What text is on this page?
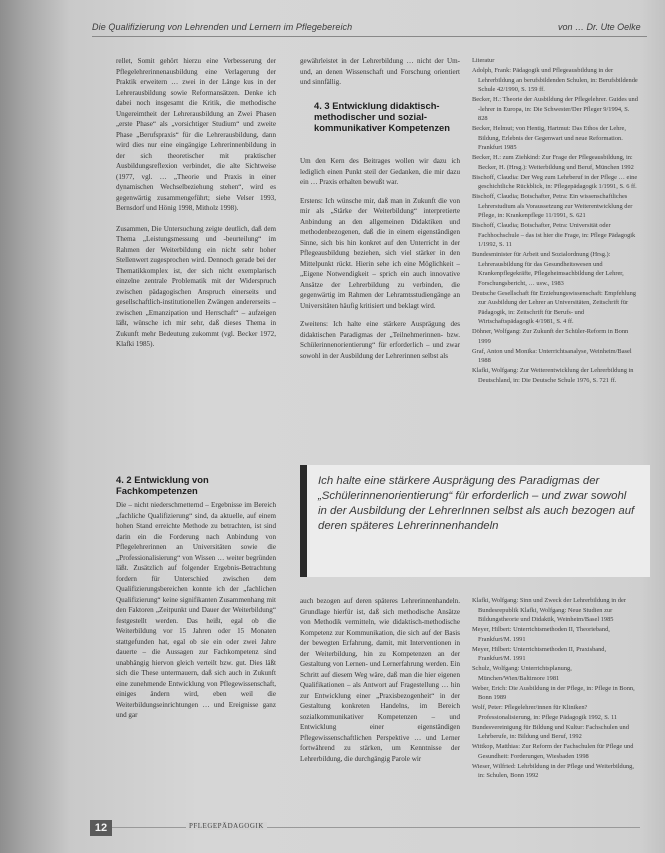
Die Qualifizierung von Lehrenden und Lernern im Pflegebereich	von … Dr. Ute Oelke

rellet, Somit gehört hierzu eine Verbesserung der Pflegelehrerinnenausbildung eine Verlagerung der Praktik erweitern … zwei in der Länge kus in der Lehrerausbildung sowie Reformansätzen. Denke ich dabei noch insgesamt die Kritik, die methodische Ungereimtheit der Lehrerausbildung an Zwei Phasen „erste Phase“ als „vorsichtiger Studium“ und zweite Phase „Berufspraxis“ für die Lehrerausbildung, dann wird dies nur eine eingängige Lehrerinnenbildung in der sich theoretischer mit praktischer Ausbildungsreflexion verbindet, die alte Sichtweise (1977, vgl. … „Theorie und Praxis in einer dynamischen Wechselbeziehung stehen“, wird es gegenwärtig zusammengeführt; siehe Velser 1993, Bernsdorf und Hönig 1998, Mitholz 1998).

Zusammen, Die Untersuchung zeigte deutlich, daß dem Thema „Leistungsmessung und -beurteilung“ im Rahmen der Weiterbildung ein nicht sehr hoher Stellenwert zugesprochen wird. Dennoch gerade bei der Thematikkomplex ist, der sich nicht exemplarisch einzelne zentrale Problematik mit der Widerspruch zwischen pädagogischen Anspruch einerseits und gesellschaftlich-institutionellen Zwängen andererseits – zwischen „Emanzipation und Herrschaft“ – aufzeigen läßt, wünsche ich mir sehr, daß dieses Thema in Zukunft mehr Bedeutung zukommt (vgl. Becker 1972, Klafki 1985).

4. 2 Entwicklung von Fachkompetenzen

Die – nicht niederschmetternd – Ergebnisse im Bereich „fachliche Qualifizierung“ sind, da aktuelle, auf einem hohen Stand erreichte Methode zu betrachten, ist sind darin ein die Forderung nach Anbindung von Pflegelehrerinnen an Universitäten sowie die „Professionalisierung“ von Wissen … weiter begründen läßt. Zusätzlich auf folgender Ergebnis-Betrachtung fordern für Unterschied zwischen dem Qualifizierungsbereichen konnte ich der „fachlichen Qualifizierung“ keine signifikanten Zusammenhang mit den Faktoren „Zeitpunkt und Dauer der Weiterbildung“ festgestellt werden. Das heißt, egal ob die Weiterbildung vor 15 Jahren oder 15 Monaten stattgefunden hat, egal ob sie ein oder zwei Jahre dauerte – die Aussagen zur Fachkompetenz sind unabhängig hiervon gleich verteilt bzw. gut. Dies läßt sich die These untermauern, daß sich auch in Zukunft eine zunehmende Entwicklung von Pflegewissenschaft, einiges ändern wird, eben weil die Weiterbildungseinrichtungen … und Ereignisse ganz und gar

gewährleistet in der Lehrerbildung … nicht der Um- und, an denen Wissenschaft und Forschung orientiert und sinnfällig.

4. 3 Entwicklung didaktisch-methodischer und sozial-kommunikativer Kompetenzen

Um den Kern des Beitrages wollen wir dazu ich lediglich einen Punkt steil der Gedanken, die mir dazu ein … Praxis erhalten bewußt war.

Erstens: Ich wünsche mir, daß man in Zukunft die von mir als „Stärke der Weiterbildung“ interpretierte Anbindung an den allgemeinen Didaktiken und methodenbezogenen, daß die in einem eigenständigen Sinne, sich bis hin konkret auf den Unterricht in der Pflegeausbildung beziehen, sich viel stärker in den Mittelpunkt rückt. Hierin sehe ich eine Möglichkeit – „Eigene Notwendigkeit – sprich ein auch innovative Ansätze der Lehrerbildung zu verbinden, die gegenwärtig im Rahmen der Lehramtsstudiengänge an Universitäten häufig kritisiert und beklagt wird.

Zweitens: Ich halte eine stärkere Ausprägung des didaktischen Paradigmas der „Teilnehmerinnen- bzw. Schülerinnenorientierung“ für erforderlich – und zwar sowohl in der Ausbildung der Lehrerinnen selbst als

Literatur
Adolph, Frank: Pädagogik und Pflegeausbildung in der Lehrerbildung an berufsbildenden Schulen, in: Berufsbildende Schule 42/1990, S. 159 ff.
Becker, H.: Theorie der Ausbildung der Pflegelehrer. Guides und -lehrer in Europa, in: Die Schwester/Der Pfleger 9/1994, S. 828
Becker, Helmut; von Hentig, Hartmut: Das Ethos der Lehre, Bildung, Erlebnis der Gegenwart und neue Reformation. Frankfurt 1985
Becker, H.: zum Ziehkind: Zur Frage der Pflegeausbildung, in: Becker, H. (Hrsg.): Weiterbildung und Beruf, München 1992
Bischoff, Claudia: Der Weg zum Lehrberuf in der Pflege … eine geschichtliche Rückblick, in: Pflegepädagogik 1/1991, S. 6 ff.
Bischoff, Claudia; Botschafter, Petra: Ein wissenschaftliches Lehrerstudium als Voraussetzung zur Weiterentwicklung der Pflege, in: Krankenpflege 11/1991, S. 621
Bischoff, Claudia; Botschafter, Petra: Universität oder Fachhochschule – das ist hier die Frage, in: Pflege Pädagogik 1/1992, S. 11
Bundesminister für Arbeit und Sozialordnung (Hrsg.): Lehrerausbildung für das Gesundheitswesen und Krankenpflegekräfte, Pflegeheimsachbildung der Lehrer, Forschungsbericht, … usw., 1983
Deutsche Gesellschaft für Erziehungswissenschaft: Empfehlung zur Ausbildung der Lehrer an Universitäten, Zeitschrift für Pädagogik, in: Zeitschrift für Berufs- und Wirtschaftspädagogik 4/1981, S. 4 ff.
Döhner, Wolfgang: Zur Zukunft der Schüler-Reform in Bonn 1999
Graf, Anton und Monika: Unterrichtsanalyse, Weinheim/Basel 1988
Klafki, Wolfgang: Zur Weiterentwicklung der Lehrerbildung in Deutschland, in: Die Deutsche Schule 1976, S. 721 ff.
Ich halte eine stärkere Ausprägung des Paradigmas der „Schülerinnenorientierung“ für erforderlich – und zwar sowohl in der Ausbildung der LehrerInnen selbst als auch bezogen auf deren späteres Lehrerinnenhandeln

auch bezogen auf deren späteres Lehrerinnenhandeln. Grundlage hierfür ist, daß sich methodische Ansätze von Methodik vermitteln, wie didaktisch-methodische Kompetenz zur Kommunikation, die sich auf der Basis der bewegten Erfahrung, damit, mit Interventionen in der Weiterbildung, hin zu Kompetenzen an der Gestaltung von Lernen- und Lernerfahrung werden. Ein Schritt auf diesem Weg wäre, daß man die hier eigenen Qualifikationen – als Antwort auf Fragestellung … hin zur Entwicklung einer „Praxisbezogenheit“ in der Gestaltung konkreten Handelns, im Bereich sozialkommunikativer Kompetenzen – und Entwicklung einer eigenständigen Pflegewissenschaftlichen Perspektive … und Lerner fortwährend zu stärken, um Kenntnisse der Lehrerbildung, die durchgängig Parole wir

Klafki, Wolfgang: Sinn und Zweck der Lehrerbildung in der Bundesrepublik Klafki, Wolfgang: Neue Studien zur Bildungstheorie und Didaktik, Weinheim/Basel 1985
Meyer, Hilbert: Unterrichtsmethoden II, Theorieband, Frankfurt/M. 1991
Meyer, Hilbert: Unterrichtsmethoden II, Praxisband, Frankfurt/M. 1991
Schulz, Wolfgang: Unterrichtsplanung, München/Wien/Baltimore 1981
Weber, Erich: Die Ausbildung in der Pflege, in: Pflege in Bonn, Bonn 1989
Wolf, Peter: Pflegelehrer/innen für Kliniken? Professionalisierung, in: Pflege Pädagogik 1992, S. 11
Bundesvereinigung für Bildung und Kultur: Fachschulen und Lehrberufe, in: Bildung und Beruf, 1992
Wittkop, Matthias: Zur Reform der Fachschulen für Pflege und Gesundheit: Forderungen, Wiesbaden 1998
Wieser, Wilfried: Lehrbildung in der Pflege und Weiterbildung, in: Schulen, Bonn 1992
12	PFLEGEPÄDAGOGIK
